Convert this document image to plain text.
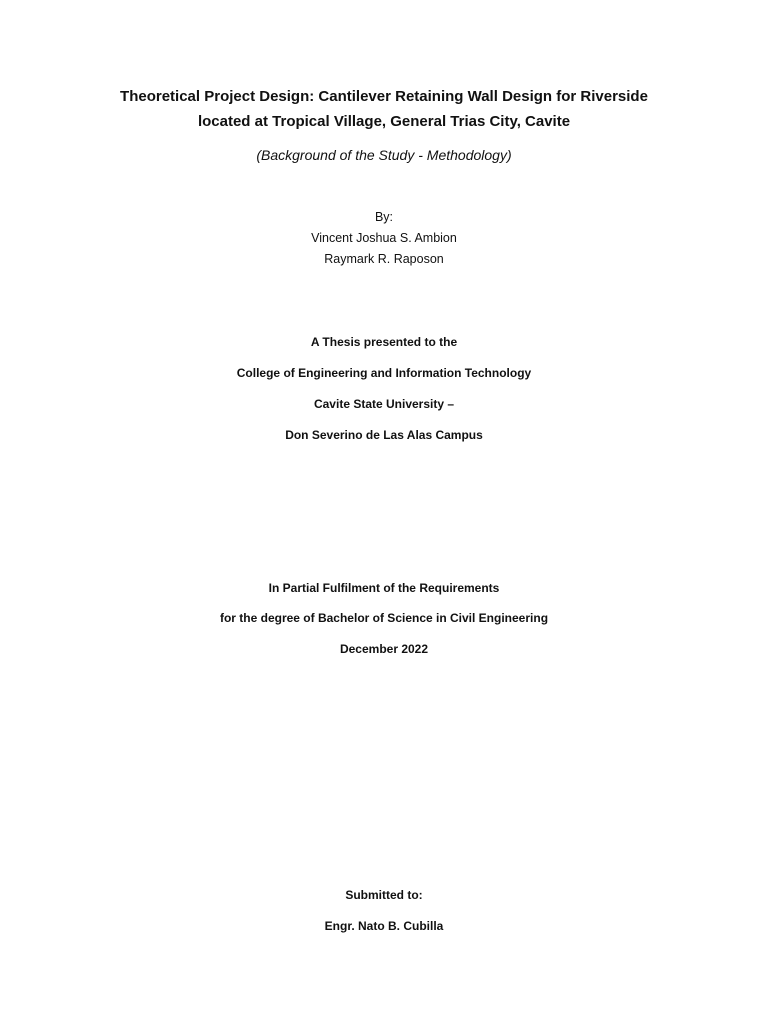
Theoretical Project Design: Cantilever Retaining Wall Design for Riverside
located at Tropical Village, General Trias City, Cavite
(Background of the Study - Methodology)
By:
Vincent Joshua S. Ambion
Raymark R. Raposon
A Thesis presented to the
College of Engineering and Information Technology
Cavite State University –
Don Severino de Las Alas Campus
In Partial Fulfilment of the Requirements
for the degree of Bachelor of Science in Civil Engineering
December 2022
Submitted to:
Engr. Nato B. Cubilla
